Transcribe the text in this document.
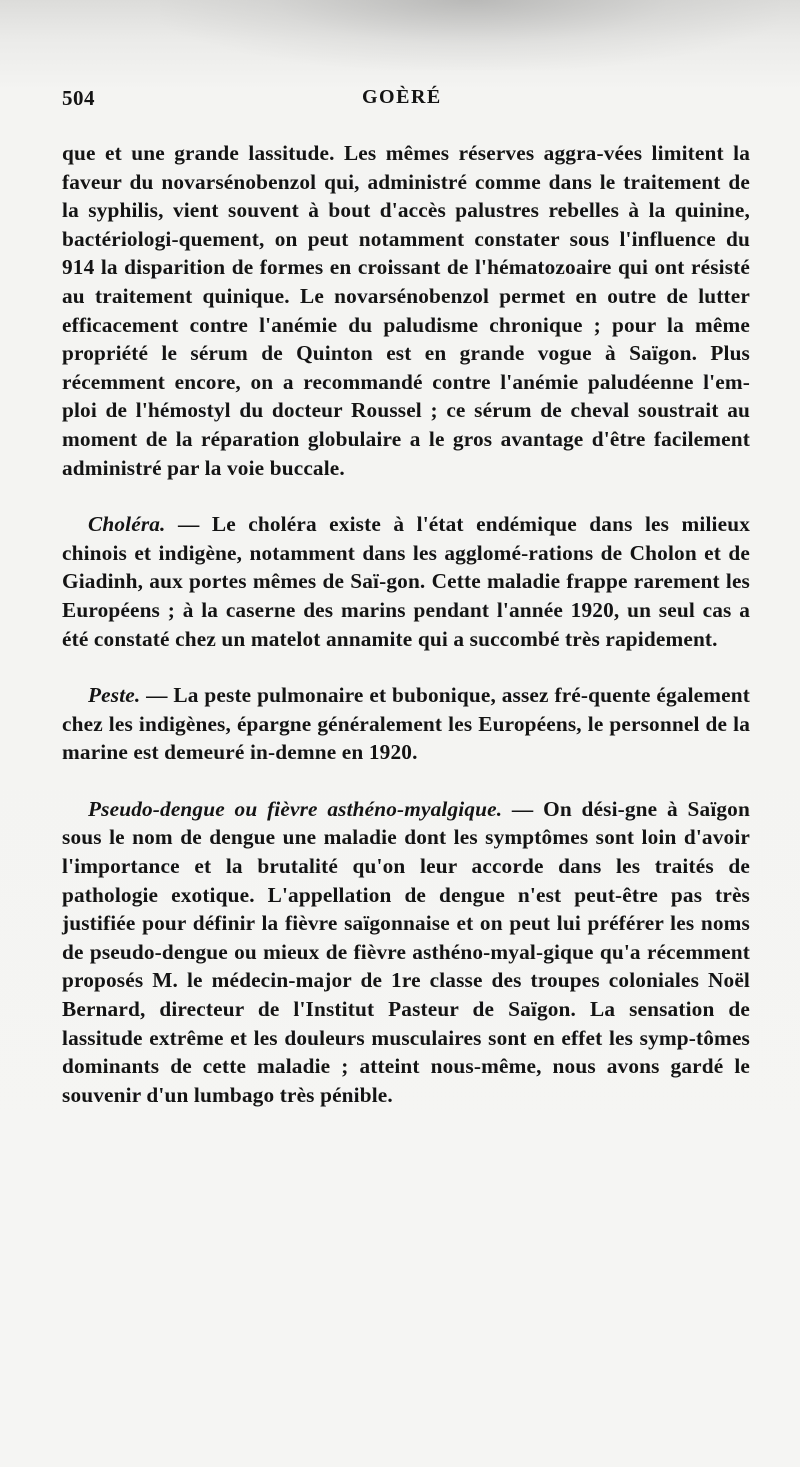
504	GOÈRÉ

que et une grande lassitude. Les mêmes réserves aggra-vées limitent la faveur du novarsénobenzol qui, administré comme dans le traitement de la syphilis, vient souvent à bout d'accès palustres rebelles à la quinine, bactériologi-quement, on peut notamment constater sous l'influence du 914 la disparition de formes en croissant de l'hématozoaire qui ont résisté au traitement quinique. Le novarsénobenzol permet en outre de lutter efficacement contre l'anémie du paludisme chronique ; pour la même propriété le sérum de Quinton est en grande vogue à Saïgon. Plus récemment encore, on a recommandé contre l'anémie paludéenne l'em-ploi de l'hémostyl du docteur Roussel ; ce sérum de cheval soustrait au moment de la réparation globulaire a le gros avantage d'être facilement administré par la voie buccale.

Choléra. — Le choléra existe à l'état endémique dans les milieux chinois et indigène, notamment dans les agglomé-rations de Cholon et de Giadinh, aux portes mêmes de Saï-gon. Cette maladie frappe rarement les Européens ; à la caserne des marins pendant l'année 1920, un seul cas a été constaté chez un matelot annamite qui a succombé très rapidement.

Peste. — La peste pulmonaire et bubonique, assez fré-quente également chez les indigènes, épargne généralement les Européens, le personnel de la marine est demeuré in-demne en 1920.

Pseudo-dengue ou fièvre asthéno-myalgique. — On dési-gne à Saïgon sous le nom de dengue une maladie dont les symptômes sont loin d'avoir l'importance et la brutalité qu'on leur accorde dans les traités de pathologie exotique. L'appellation de dengue n'est peut-être pas très justifiée pour définir la fièvre saïgonnaise et on peut lui préférer les noms de pseudo-dengue ou mieux de fièvre asthéno-myal-gique qu'a récemment proposés M. le médecin-major de 1re classe des troupes coloniales Noël Bernard, directeur de l'Institut Pasteur de Saïgon. La sensation de lassitude extrême et les douleurs musculaires sont en effet les symp-tômes dominants de cette maladie ; atteint nous-même, nous avons gardé le souvenir d'un lumbago très pénible.
